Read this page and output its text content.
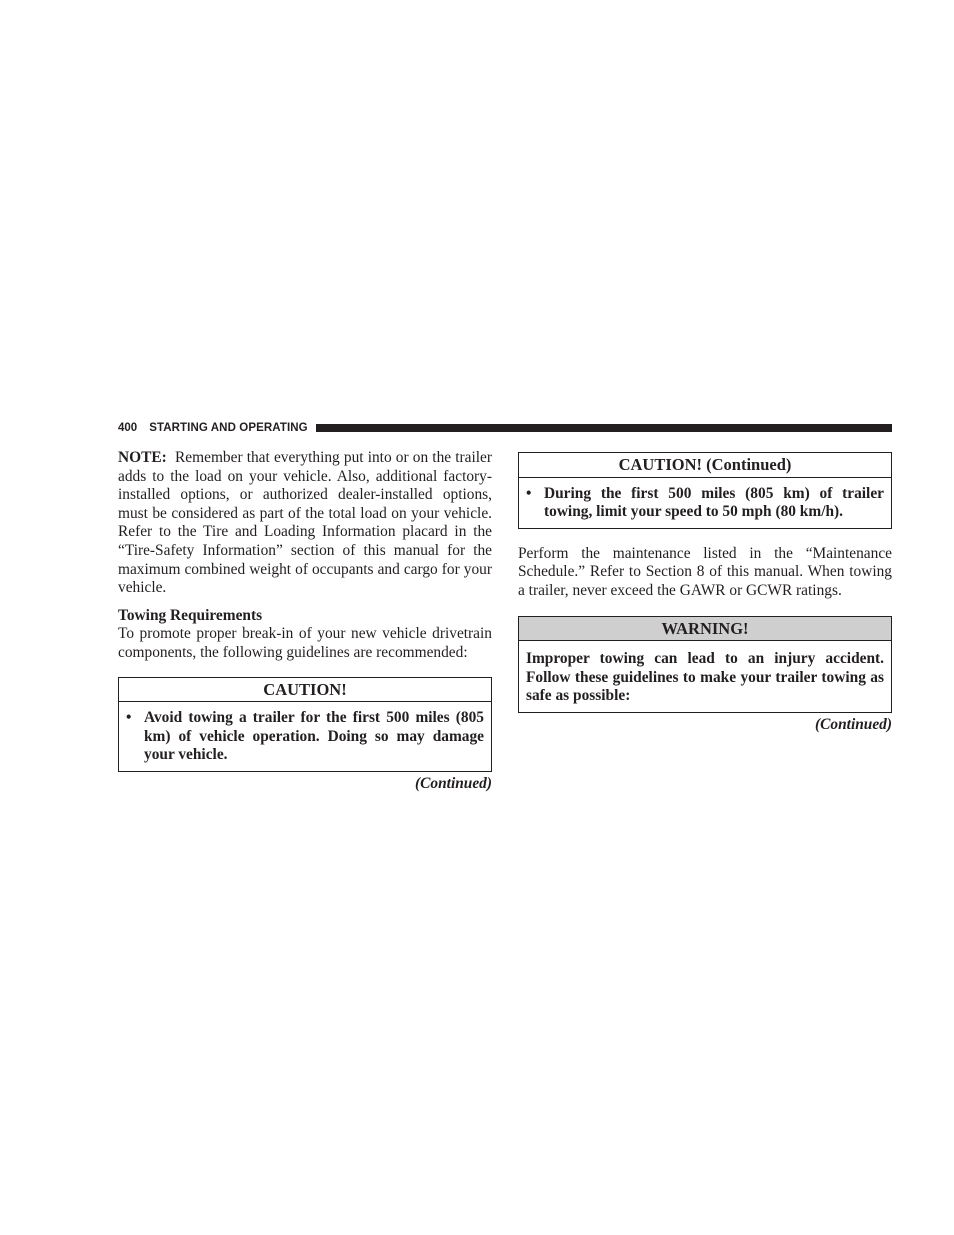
400 STARTING AND OPERATING

NOTE: Remember that everything put into or on the trailer adds to the load on your vehicle. Also, additional factory-installed options, or authorized dealer-installed options, must be considered as part of the total load on your vehicle. Refer to the Tire and Loading Information placard in the “Tire-Safety Information” section of this manual for the maximum combined weight of occupants and cargo for your vehicle.

Towing Requirements

To promote proper break-in of your new vehicle drivetrain components, the following guidelines are recommended:

CAUTION!
• Avoid towing a trailer for the first 500 miles (805 km) of vehicle operation. Doing so may damage your vehicle.
(Continued)
CAUTION! (Continued)
• During the first 500 miles (805 km) of trailer towing, limit your speed to 50 mph (80 km/h).

Perform the maintenance listed in the “Maintenance Schedule.” Refer to Section 8 of this manual. When towing a trailer, never exceed the GAWR or GCWR ratings.

WARNING!

Improper towing can lead to an injury accident. Follow these guidelines to make your trailer towing as safe as possible:

(Continued)
